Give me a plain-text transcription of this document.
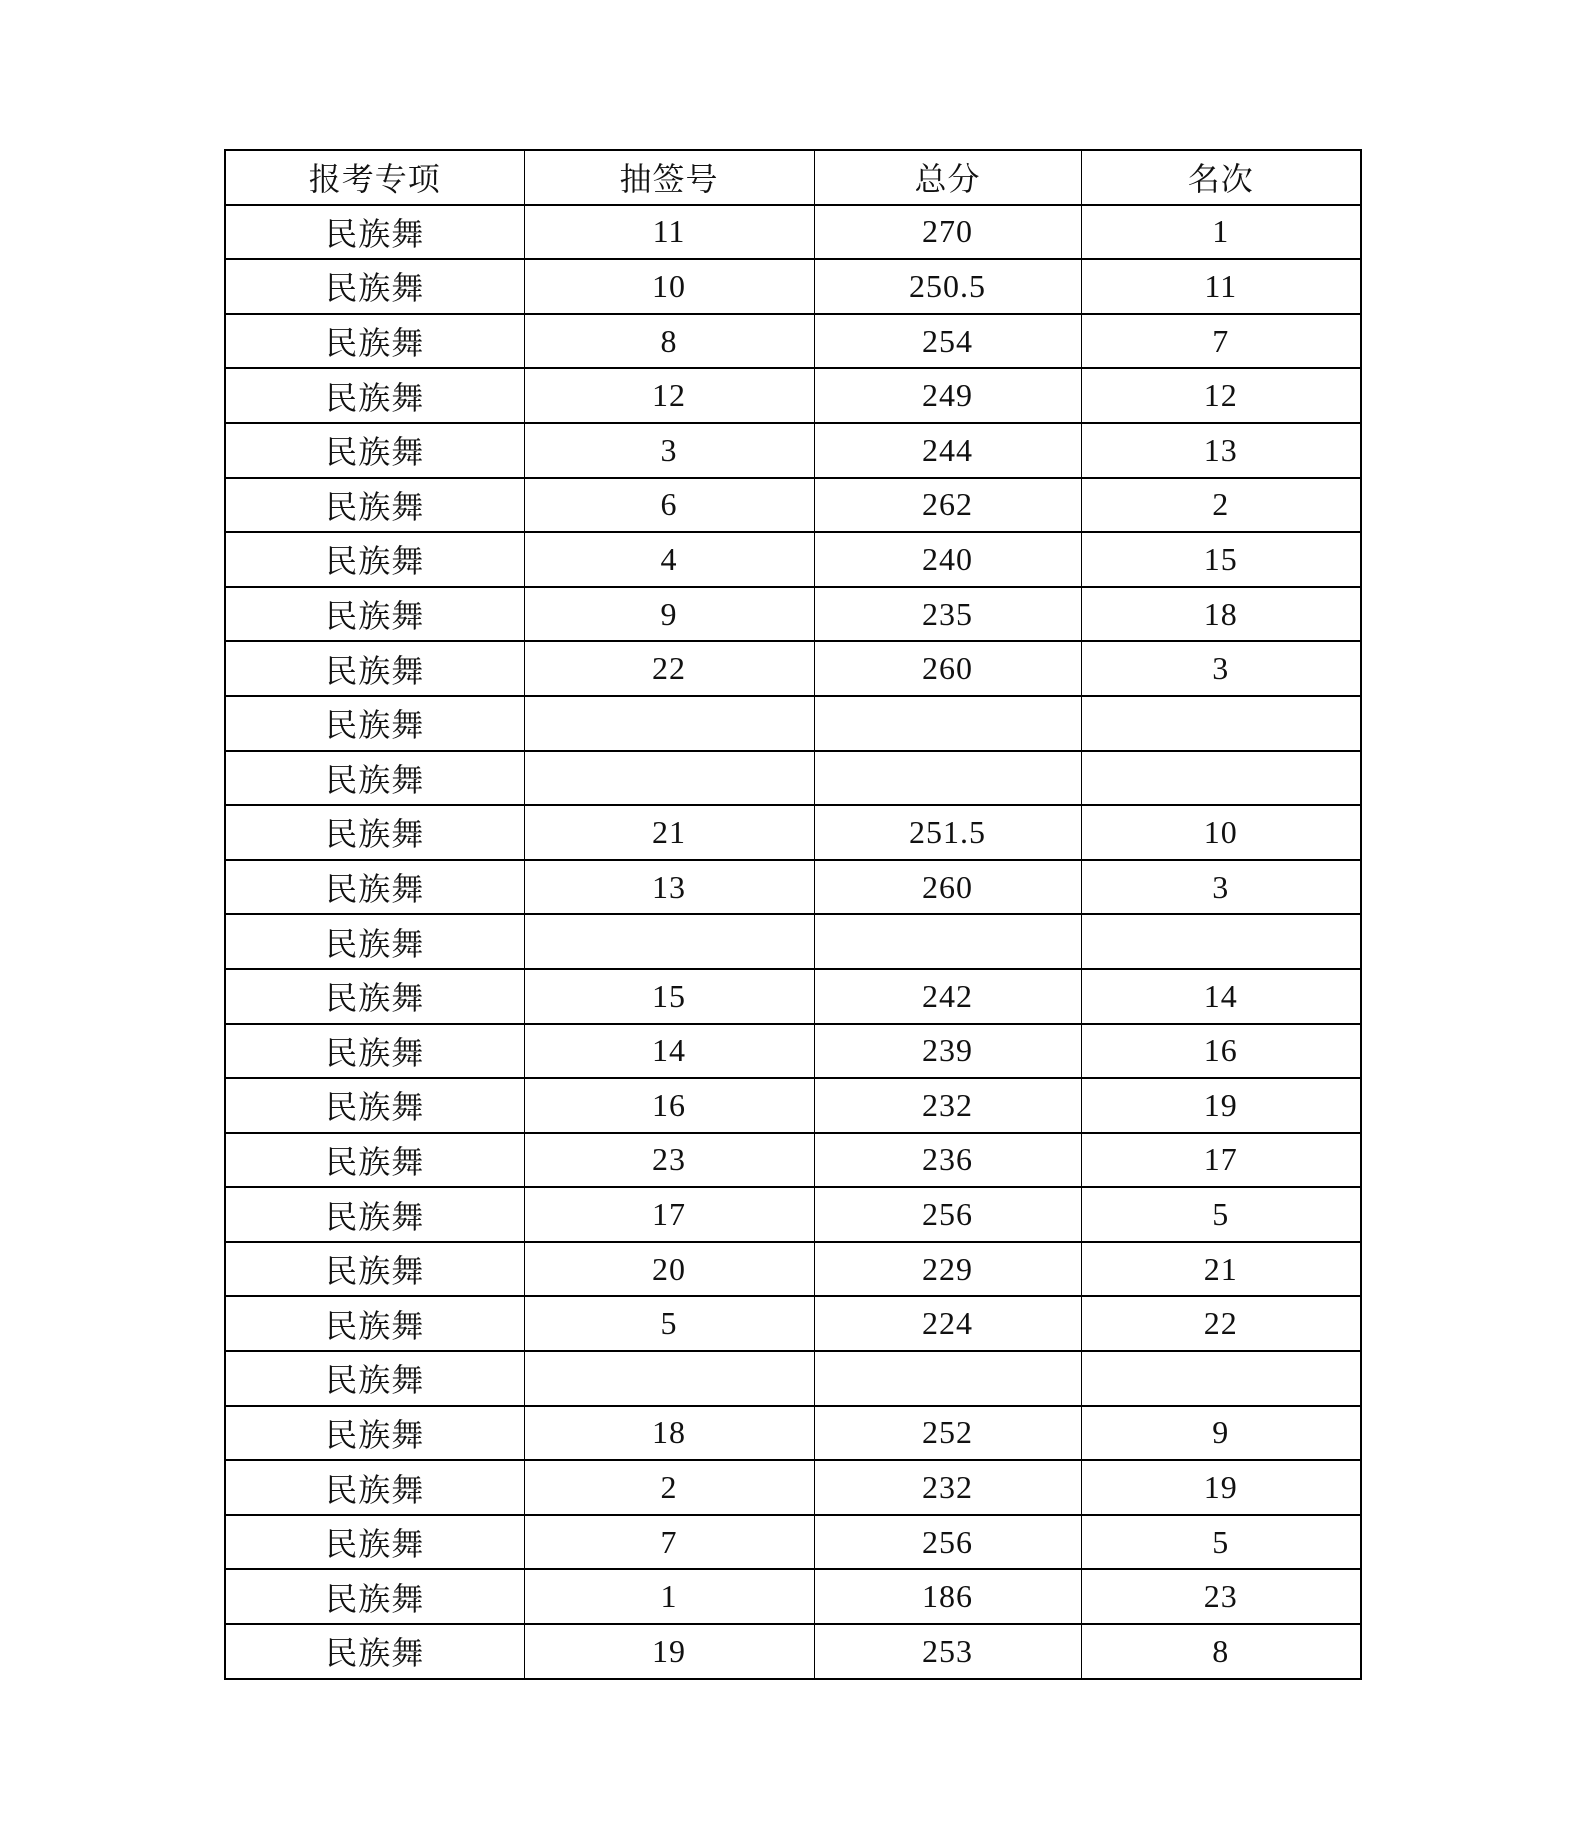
报考专项	抽签号	总分	名次
民族舞	11	270	1
民族舞	10	250.5	11
民族舞	8	254	7
民族舞	12	249	12
民族舞	3	244	13
民族舞	6	262	2
民族舞	4	240	15
民族舞	9	235	18
民族舞	22	260	3
民族舞			
民族舞			
民族舞	21	251.5	10
民族舞	13	260	3
民族舞			
民族舞	15	242	14
民族舞	14	239	16
民族舞	16	232	19
民族舞	23	236	17
民族舞	17	256	5
民族舞	20	229	21
民族舞	5	224	22
民族舞			
民族舞	18	252	9
民族舞	2	232	19
民族舞	7	256	5
民族舞	1	186	23
民族舞	19	253	8
